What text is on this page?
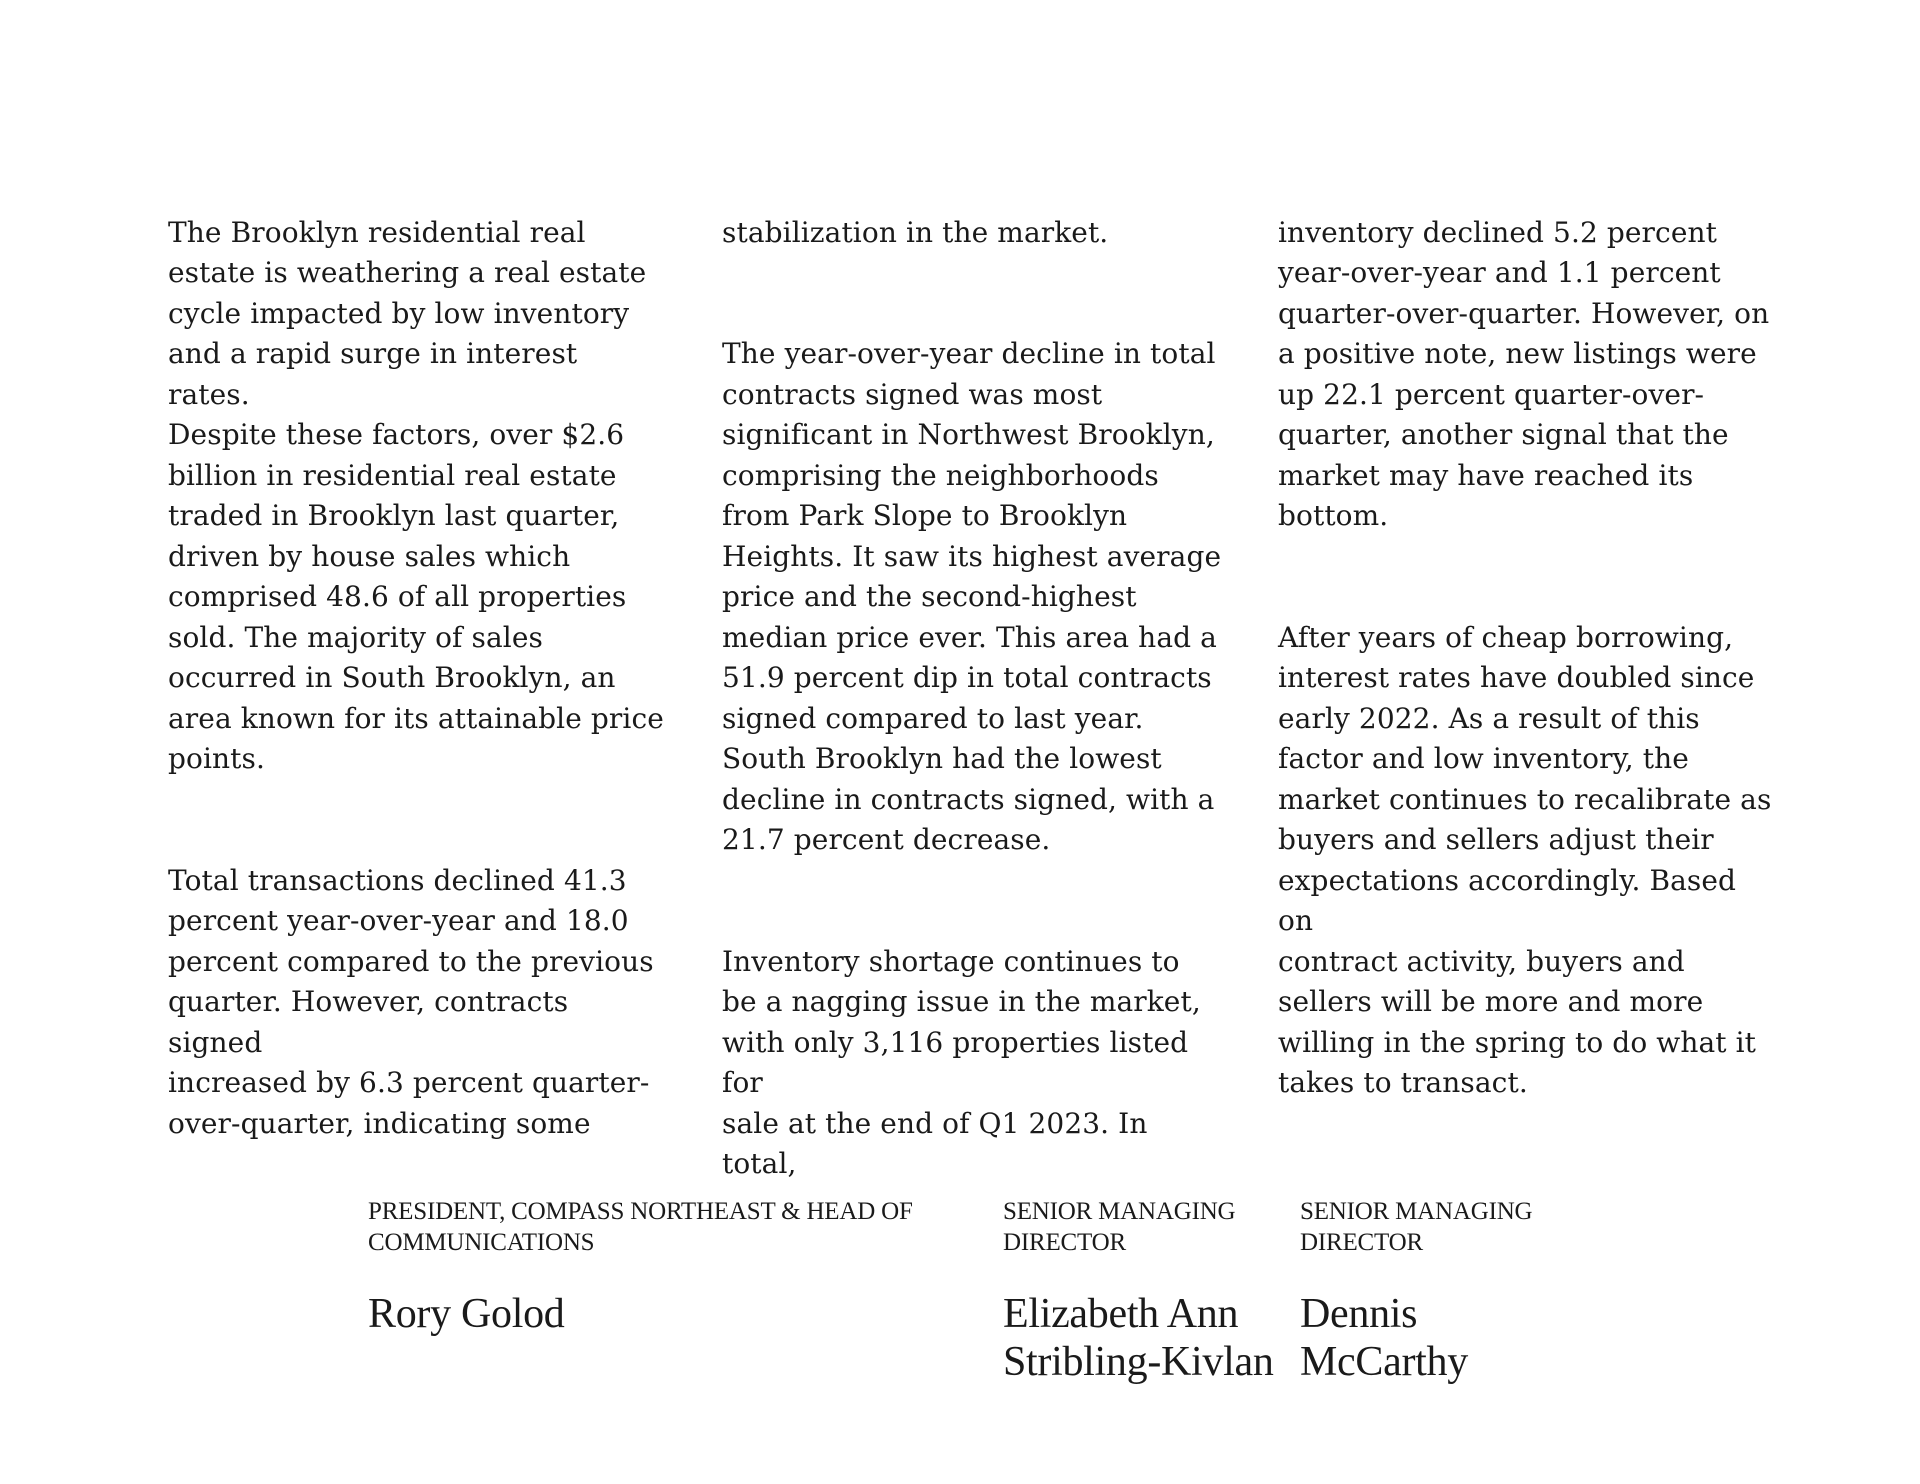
The Brooklyn residential real
estate is weathering a real estate
cycle impacted by low inventory
and a rapid surge in interest rates.
Despite these factors, over $2.6
billion in residential real estate
traded in Brooklyn last quarter,
driven by house sales which
comprised 48.6 of all properties
sold. The majority of sales
occurred in South Brooklyn, an
area known for its attainable price
points.

Total transactions declined 41.3
percent year-over-year and 18.0
percent compared to the previous
quarter. However, contracts signed
increased by 6.3 percent quarter-
over-quarter, indicating some

stabilization in the market.

The year-over-year decline in total
contracts signed was most
significant in Northwest Brooklyn,
comprising the neighborhoods
from Park Slope to Brooklyn
Heights. It saw its highest average
price and the second-highest
median price ever. This area had a
51.9 percent dip in total contracts
signed compared to last year.
South Brooklyn had the lowest
decline in contracts signed, with a
21.7 percent decrease.

Inventory shortage continues to
be a nagging issue in the market,
with only 3,116 properties listed for
sale at the end of Q1 2023. In total,

inventory declined 5.2 percent
year-over-year and 1.1 percent
quarter-over-quarter. However, on
a positive note, new listings were
up 22.1 percent quarter-over-
quarter, another signal that the
market may have reached its
bottom.

After years of cheap borrowing,
interest rates have doubled since
early 2022. As a result of this
factor and low inventory, the
market continues to recalibrate as
buyers and sellers adjust their
expectations accordingly. Based on
contract activity, buyers and
sellers will be more and more
willing in the spring to do what it
takes to transact.

PRESIDENT, COMPASS NORTHEAST & HEAD OF
COMMUNICATIONS
Rory Golod
SENIOR MANAGING
DIRECTOR
Elizabeth Ann
Stribling-Kivlan
SENIOR MANAGING
DIRECTOR
Dennis
McCarthy
